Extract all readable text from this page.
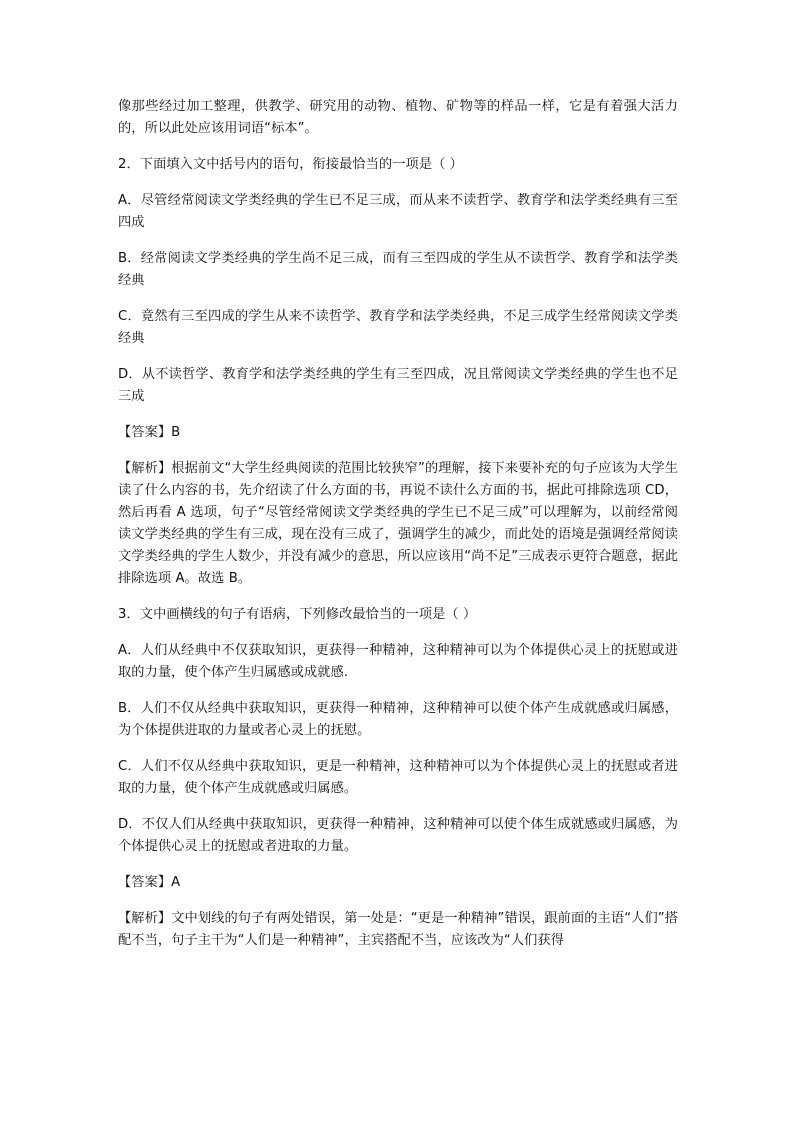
像那些经过加工整理，供教学、研究用的动物、植物、矿物等的样品一样，它是有着强大活力的，所以此处应该用词语“标本”。

2．下面填入文中括号内的语句，衔接最恰当的一项是（ ）

A．尽管经常阅读文学类经典的学生已不足三成，而从来不读哲学、教育学和法学类经典有三至四成

B．经常阅读文学类经典的学生尚不足三成，而有三至四成的学生从不读哲学、教育学和法学类经典

C．竟然有三至四成的学生从来不读哲学、教育学和法学类经典，不足三成学生经常阅读文学类经典

D．从不读哲学、教育学和法学类经典的学生有三至四成，况且常阅读文学类经典的学生也不足三成

【答案】B

【解析】根据前文“大学生经典阅读的范围比较狭窄”的理解，接下来要补充的句子应该为大学生读了什么内容的书，先介绍读了什么方面的书，再说不读什么方面的书，据此可排除选项 CD，然后再看 A 选项，句子“尽管经常阅读文学类经典的学生已不足三成”可以理解为，以前经常阅读文学类经典的学生有三成，现在没有三成了，强调学生的减少，而此处的语境是强调经常阅读文学类经典的学生人数少，并没有减少的意思，所以应该用“尚不足”三成表示更符合题意，据此排除选项 A。故选 B。

3．文中画横线的句子有语病，下列修改最恰当的一项是（ ）

A．人们从经典中不仅获取知识，更获得一种精神，这种精神可以为个体提供心灵上的抚慰或进取的力量，使个体产生归属感或成就感.

B．人们不仅从经典中获取知识，更获得一种精神，这种精神可以使个体产生成就感或归属感，为个体提供进取的力量或者心灵上的抚慰。

C．人们不仅从经典中获取知识，更是一种精神，这种精神可以为个体提供心灵上的抚慰或者进取的力量，使个体产生成就感或归属感。

D．不仅人们从经典中获取知识，更获得一种精神，这种精神可以使个体生成就感或归属感，为个体提供心灵上的抚慰或者进取的力量。

【答案】A

【解析】文中划线的句子有两处错误，第一处是：“更是一种精神”错误，跟前面的主语“人们”搭配不当，句子主干为“人们是一种精神”，主宾搭配不当，应该改为“人们获得
